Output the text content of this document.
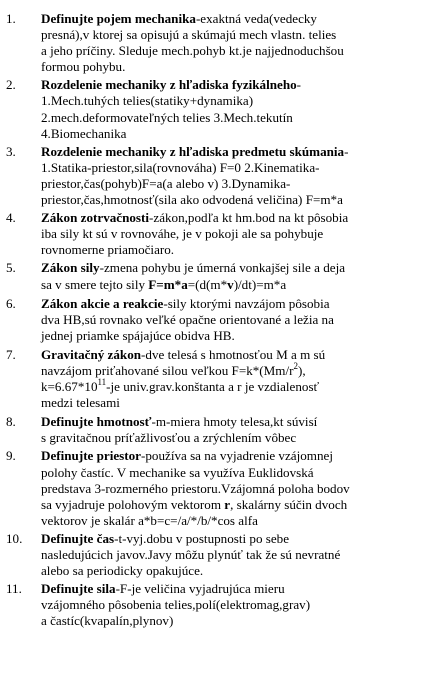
1. Definujte pojem mechanika-exaktná veda(vedecky
presná),v ktorej sa opisujú a skúmajú mech vlastn. telies
a jeho príčiny. Sleduje mech.pohyb kt.je najjednoduchšou
formou pohybu.
2. Rozdelenie mechaniky z hľadiska fyzikálneho-
1.Mech.tuhých telies(statiky+dynamika)
2.mech.deformovateľných telies 3.Mech.tekutín
4.Biomechanika
3. Rozdelenie mechaniky z hľadiska predmetu skúmania-
1.Statika-priestor,sila(rovnováha) F=0 2.Kinematika-
priestor,čas(pohyb)F=a(a alebo v) 3.Dynamika-
priestor,čas,hmotnosť(sila ako odvodená veličina) F=m*a
4. Zákon zotrvačnosti-zákon,podľa kt hm.bod na kt pôsobia
iba sily kt sú v rovnováhe, je v pokoji ale sa pohybuje
rovnomerne priamočiaro.
5. Zákon sily-zmena pohybu je úmerná vonkajšej sile a deja
sa v smere tejto sily F=m*a=(d(m*v)/dt)=m*a
6. Zákon akcie a reakcie-sily ktorými navzájom pôsobia
dva HB,sú rovnako veľké opačne orientované a ležia na
jednej priamke spájajúce obidva HB.
7. Gravitačný zákon-dve telesá s hmotnosťou M a m sú
navzájom priťahované silou veľkou $F=k*(Mm/r^2)$,
$k=6.67*10^{11}-je$ univ.grav.konštanta a r je vzdialenosť
medzi telesami
8. Definujte hmotnosť-m-miera hmoty telesa,kt súvisí
s gravitačnou príťažlivosťou a zrýchlením vôbec
9. Definujte priestor-používa sa na vyjadrenie vzájomnej
polohy častíc. V mechanike sa využíva Euklidovská
predstava 3-rozmerného priestoru.Vzájomná poloha bodov
sa vyjadruje polohovým vektorom r, skalárny súčin dvoch
vektorov je skalár a*b=c=/a/*/b/*cos alfa
10. Definujte čas-t-vyj.dobu v postupnosti po sebe
nasledujúcich javov.Javy môžu plynúť tak že sú nevratné
alebo sa periodicky opakujúce.
11. Definujte sila-F-je veličina vyjadrujúca mieru
vzájomného pôsobenia telies,polí(elektromag,grav)
a častíc(kvapalín,plynov)
